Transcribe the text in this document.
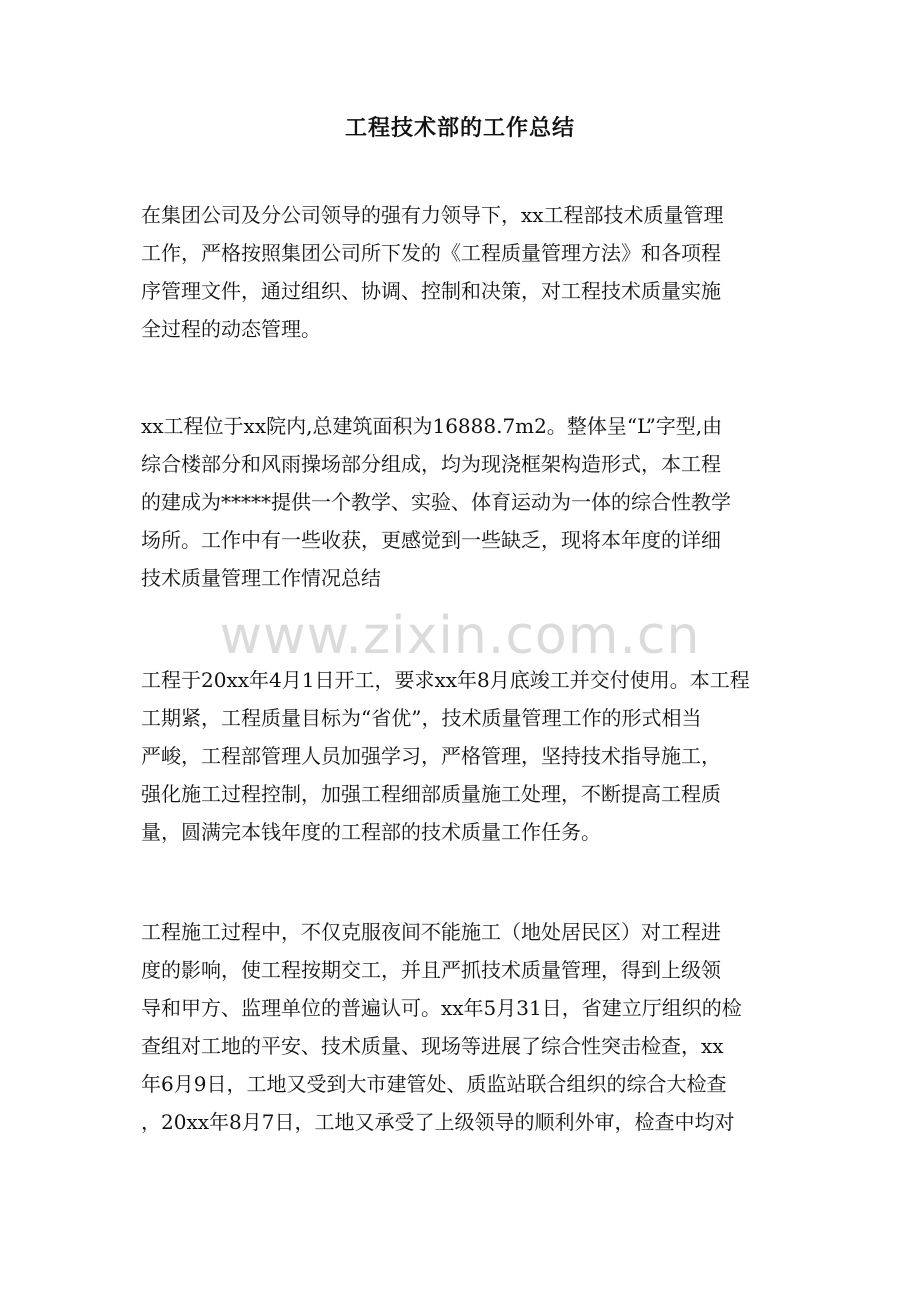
工程技术部的工作总结
在集团公司及分公司领导的强有力领导下，xx工程部技术质量管理
工作，严格按照集团公司所下发的《工程质量管理方法》和各项程
序管理文件，通过组织、协调、控制和决策，对工程技术质量实施
全过程的动态管理。
xx工程位于xx院内,总建筑面积为16888.7m2。整体呈“L”字型,由
综合楼部分和风雨操场部分组成，均为现浇框架构造形式，本工程
的建成为*****提供一个教学、实验、体育运动为一体的综合性教学
场所。工作中有一些收获，更感觉到一些缺乏，现将本年度的详细
技术质量管理工作情况总结
工程于20xx年4月1日开工，要求xx年8月底竣工并交付使用。本工程
工期紧，工程质量目标为“省优”，技术质量管理工作的形式相当
严峻，工程部管理人员加强学习，严格管理，坚持技术指导施工，
强化施工过程控制，加强工程细部质量施工处理，不断提高工程质
量，圆满完本钱年度的工程部的技术质量工作任务。
工程施工过程中，不仅克服夜间不能施工（地处居民区）对工程进
度的影响，使工程按期交工，并且严抓技术质量管理，得到上级领
导和甲方、监理单位的普遍认可。xx年5月31日，省建立厅组织的检
查组对工地的平安、技术质量、现场等进展了综合性突击检查，xx
年6月9日，工地又受到大市建管处、质监站联合组织的综合大检查
，20xx年8月7日，工地又承受了上级领导的顺利外审，检查中均对
www.zixin.com.cn
